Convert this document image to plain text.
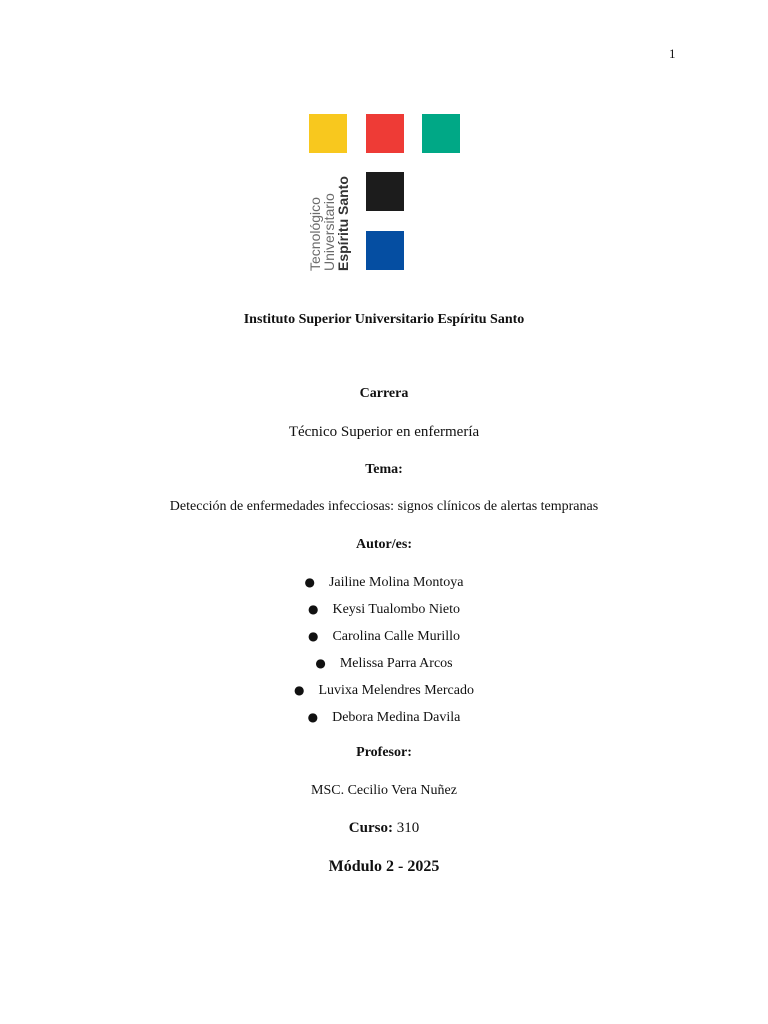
1
Tecnológico
Universitario
Espíritu Santo
Instituto Superior Universitario Espíritu Santo
Carrera
Técnico Superior en enfermería
Tema:
Detección de enfermedades infecciosas: signos clínicos de alertas tempranas
Autor/es:
● Jailine Molina Montoya
● Keysi Tualombo Nieto
● Carolina Calle Murillo
● Melissa Parra Arcos
● Luvixa Melendres Mercado
● Debora Medina Davila
Profesor:
MSC. Cecilio Vera Nuñez
Curso: 310
Módulo 2 - 2025
